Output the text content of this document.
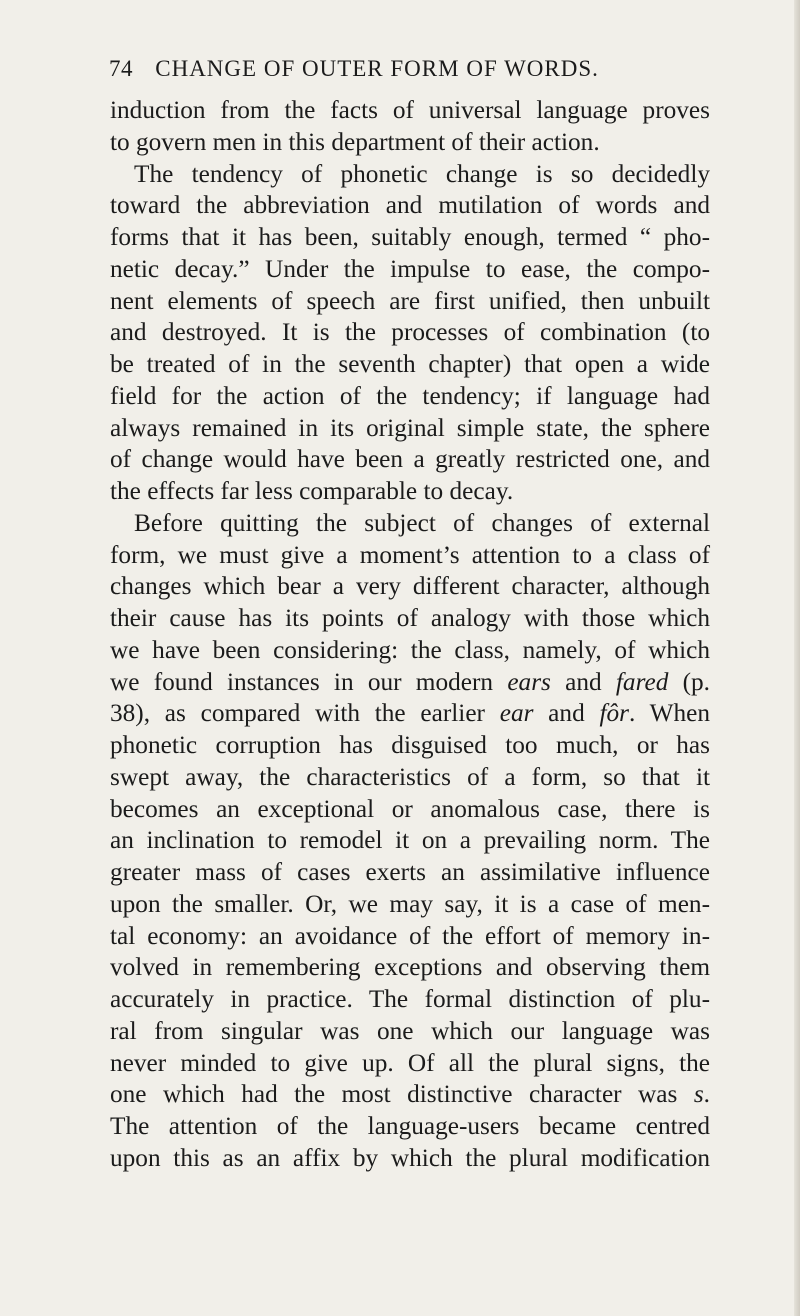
74 CHANGE OF OUTER FORM OF WORDS.
induction from the facts of universal language proves
to govern men in this department of their action.
The tendency of phonetic change is so decidedly
toward the abbreviation and mutilation of words and
forms that it has been, suitably enough, termed “ pho-
netic decay.” Under the impulse to ease, the compo-
nent elements of speech are first unified, then unbuilt
and destroyed. It is the processes of combination (to
be treated of in the seventh chapter) that open a wide
field for the action of the tendency; if language had
always remained in its original simple state, the sphere
of change would have been a greatly restricted one, and
the effects far less comparable to decay.
Before quitting the subject of changes of external
form, we must give a moment’s attention to a class of
changes which bear a very different character, although
their cause has its points of analogy with those which
we have been considering: the class, namely, of which
we found instances in our modern ears and fared (p.
38), as compared with the earlier ear and fôr. When
phonetic corruption has disguised too much, or has
swept away, the characteristics of a form, so that it
becomes an exceptional or anomalous case, there is
an inclination to remodel it on a prevailing norm. The
greater mass of cases exerts an assimilative influence
upon the smaller. Or, we may say, it is a case of men-
tal economy: an avoidance of the effort of memory in-
volved in remembering exceptions and observing them
accurately in practice. The formal distinction of plu-
ral from singular was one which our language was
never minded to give up. Of all the plural signs, the
one which had the most distinctive character was s.
The attention of the language-users became centred
upon this as an affix by which the plural modification
